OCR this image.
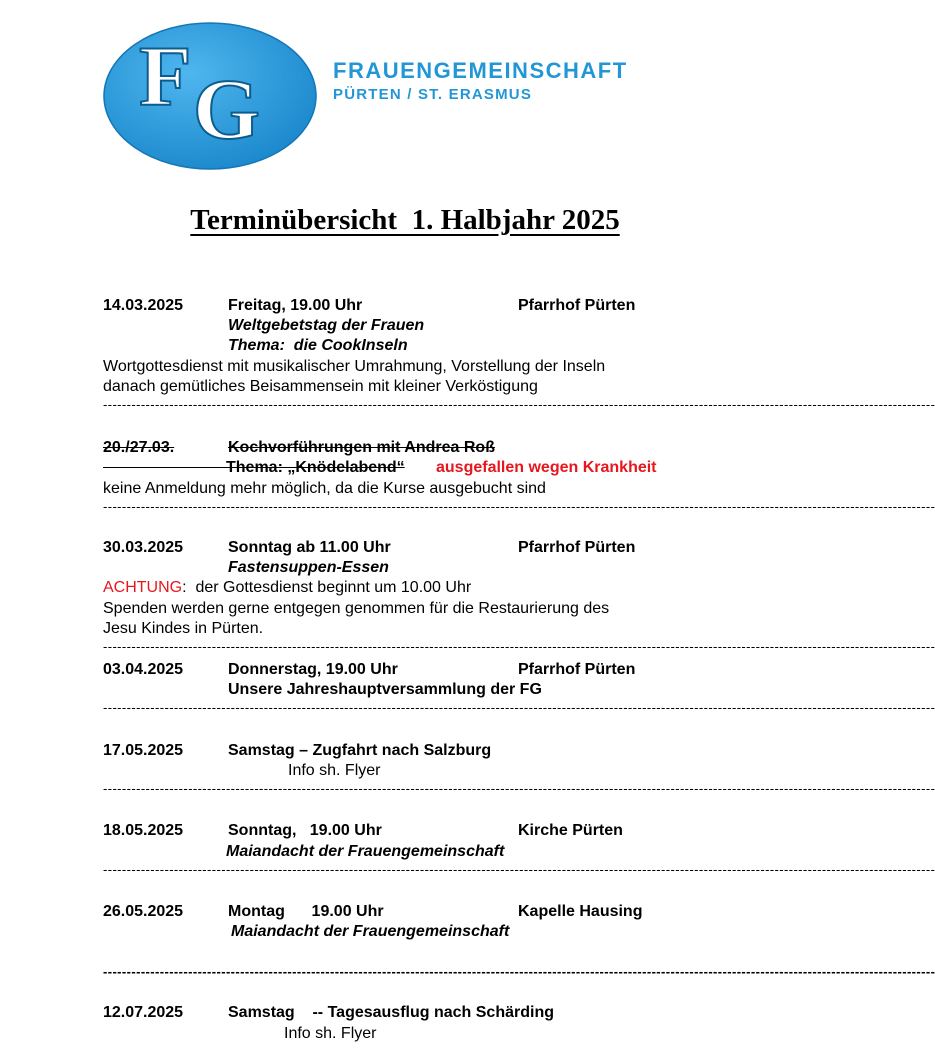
F G	FRAUENGEMEINSCHAFT
PÜRTEN / ST. ERASMUS
Terminübersicht  1. Halbjahr 2025
14.03.2025	Freitag, 19.00 Uhr	Pfarrhof Pürten
Weltgebetstag der Frauen
Thema:  die CookInseln
Wortgottesdienst mit musikalischer Umrahmung, Vorstellung der Inseln
danach gemütliches Beisammensein mit kleiner Verköstigung
--------------------------------------------------------------------------------------------------------------------------------------------------------------------------------
20./27.03.	Kochvorführungen mit Andrea Roß
Thema: „Knödelabend“ ausgefallen wegen Krankheit
keine Anmeldung mehr möglich, da die Kurse ausgebucht sind
--------------------------------------------------------------------------------------------------------------------------------------------------------------------------------
30.03.2025	Sonntag ab 11.00 Uhr	Pfarrhof Pürten
Fastensuppen-Essen
ACHTUNG:  der Gottesdienst beginnt um 10.00 Uhr
Spenden werden gerne entgegen genommen für die Restaurierung des
Jesu Kindes in Pürten.
--------------------------------------------------------------------------------------------------------------------------------------------------------------------------------
03.04.2025	Donnerstag, 19.00 Uhr	Pfarrhof Pürten
Unsere Jahreshauptversammlung der FG
--------------------------------------------------------------------------------------------------------------------------------------------------------------------------------
17.05.2025	Samstag – Zugfahrt nach Salzburg
Info sh. Flyer
--------------------------------------------------------------------------------------------------------------------------------------------------------------------------------
18.05.2025	Sonntag,   19.00 Uhr	Kirche Pürten
Maiandacht der Frauengemeinschaft
--------------------------------------------------------------------------------------------------------------------------------------------------------------------------------
26.05.2025	Montag      19.00 Uhr	Kapelle Hausing
Maiandacht der Frauengemeinschaft
--------------------------------------------------------------------------------------------------------------------------------------------------------------------------------
12.07.2025	Samstag    -- Tagesausflug nach Schärding
Info sh. Flyer
